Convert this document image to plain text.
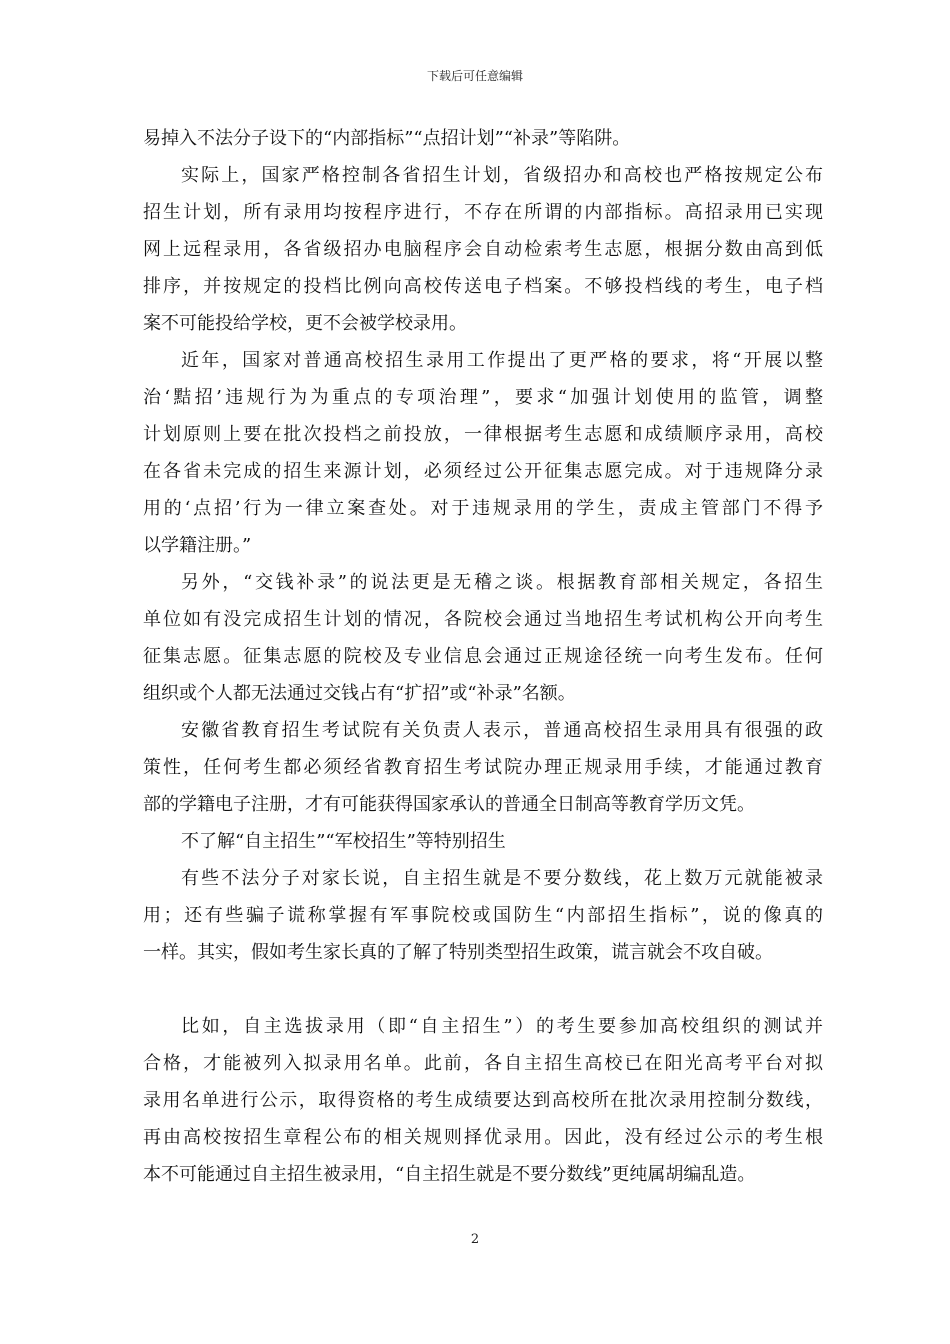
下载后可任意编辑
易掉入不法分子设下的“内部指标”“点招计划”“补录”等陷阱。
实际上，国家严格控制各省招生计划，省级招办和高校也严格按规定公布
招生计划，所有录用均按程序进行，不存在所谓的内部指标。高招录用已实现
网上远程录用，各省级招办电脑程序会自动检索考生志愿，根据分数由高到低
排序，并按规定的投档比例向高校传送电子档案。不够投档线的考生，电子档
案不可能投给学校，更不会被学校录用。
近年，国家对普通高校招生录用工作提出了更严格的要求，将“开展以整
治‘黠招’违规行为为重点的专项治理”，要求“加强计划使用的监管，调整
计划原则上要在批次投档之前投放，一律根据考生志愿和成绩顺序录用，高校
在各省未完成的招生来源计划，必须经过公开征集志愿完成。对于违规降分录
用的‘点招’行为一律立案查处。对于违规录用的学生，责成主管部门不得予
以学籍注册。”
另外，“交钱补录”的说法更是无稽之谈。根据教育部相关规定，各招生
单位如有没完成招生计划的情况，各院校会通过当地招生考试机构公开向考生
征集志愿。征集志愿的院校及专业信息会通过正规途径统一向考生发布。任何
组织或个人都无法通过交钱占有“扩招”或“补录”名额。
安徽省教育招生考试院有关负责人表示，普通高校招生录用具有很强的政
策性，任何考生都必须经省教育招生考试院办理正规录用手续，才能通过教育
部的学籍电子注册，才有可能获得国家承认的普通全日制高等教育学历文凭。
不了解“自主招生”“军校招生”等特别招生
有些不法分子对家长说，自主招生就是不要分数线，花上数万元就能被录
用；还有些骗子谎称掌握有军事院校或国防生“内部招生指标”，说的像真的
一样。其实，假如考生家长真的了解了特别类型招生政策，谎言就会不攻自破。
比如，自主选拔录用（即“自主招生”）的考生要参加高校组织的测试并
合格，才能被列入拟录用名单。此前，各自主招生高校已在阳光高考平台对拟
录用名单进行公示，取得资格的考生成绩要达到高校所在批次录用控制分数线，
再由高校按招生章程公布的相关规则择优录用。因此，没有经过公示的考生根
本不可能通过自主招生被录用，“自主招生就是不要分数线”更纯属胡编乱造。
2
